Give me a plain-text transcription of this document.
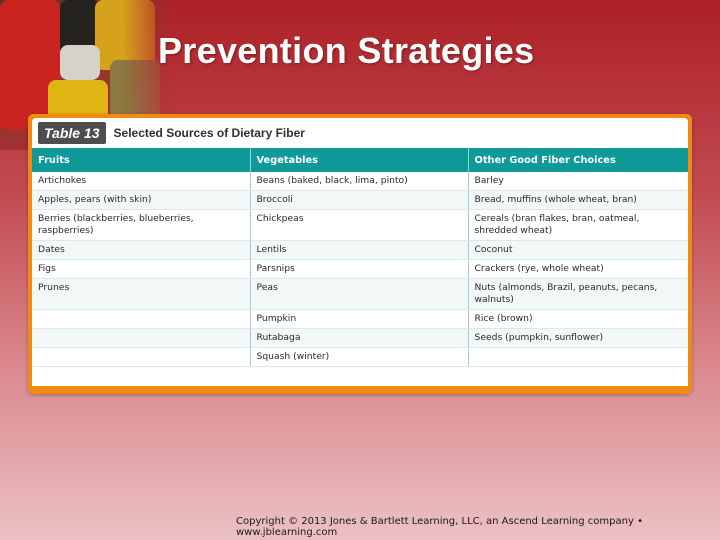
Prevention Strategies
Table 13	Selected Sources of Dietary Fiber
Fruits	Vegetables	Other Good Fiber Choices
Artichokes	Beans (baked, black, lima, pinto)	Barley
Apples, pears (with skin)	Broccoli	Bread, muffins (whole wheat, bran)
Berries (blackberries, blueberries, raspberries)	Chickpeas	Cereals (bran flakes, bran, oatmeal, shredded wheat)
Dates	Lentils	Coconut
Figs	Parsnips	Crackers (rye, whole wheat)
Prunes	Peas	Nuts (almonds, Brazil, peanuts, pecans, walnuts)
	Pumpkin	Rice (brown)
	Rutabaga	Seeds (pumpkin, sunflower)
	Squash (winter)	
Copyright © 2013 Jones & Bartlett Learning, LLC, an Ascend Learning company • www.jblearning.com
